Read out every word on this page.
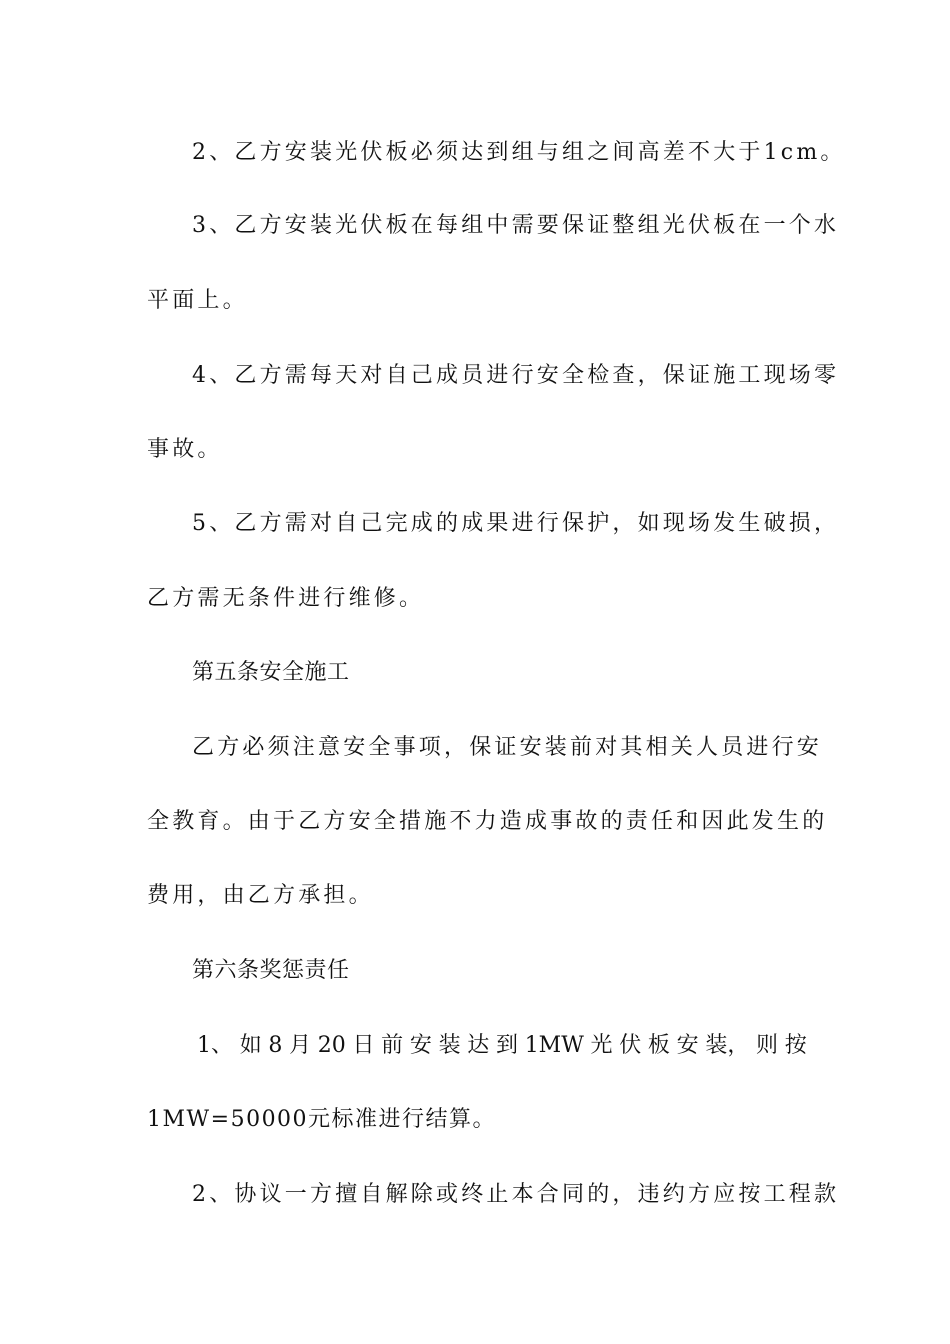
2、乙方安装光伏板必须达到组与组之间高差不大于1cm。
3、乙方安装光伏板在每组中需要保证整组光伏板在一个水
平面上。
4、乙方需每天对自己成员进行安全检查，保证施工现场零
事故。
5、乙方需对自己完成的成果进行保护，如现场发生破损，
乙方需无条件进行维修。
第五条安全施工
乙方必须注意安全事项，保证安装前对其相关人员进行安
全教育。由于乙方安全措施不力造成事故的责任和因此发生的
费用，由乙方承担。
第六条奖惩责任
1、 如 8 月 20 日 前 安 装 达 到 1MW 光 伏 板 安 装， 则 按
1MW=50000元标准进行结算。
2、协议一方擅自解除或终止本合同的，违约方应按工程款
